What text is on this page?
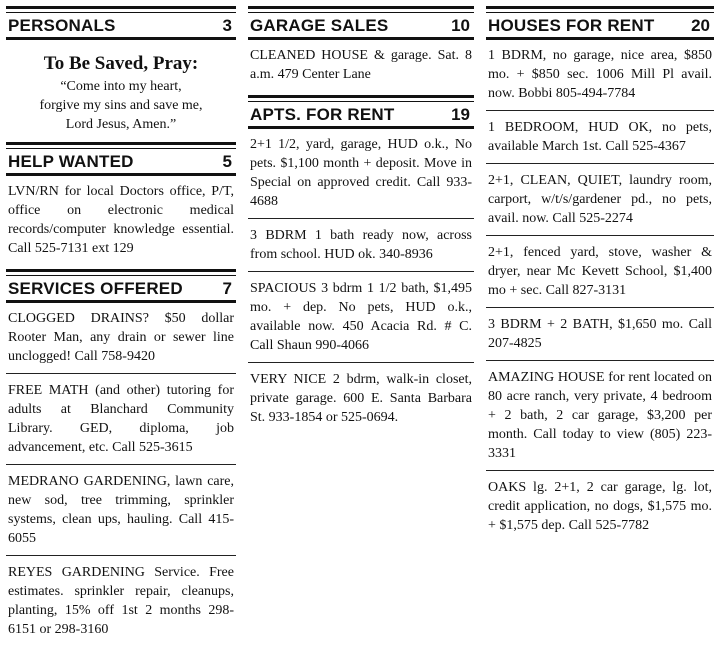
PERSONALS	3
To Be Saved, Pray:
“Come into my heart,
forgive my sins and save me,
Lord Jesus, Amen.”
HELP WANTED	5
LVN/RN for local Doctors office, P/T, office on electronic medical records/computer knowledge essential. Call 525-7131 ext 129
SERVICES OFFERED 7
CLOGGED DRAINS? $50 dollar Rooter Man, any drain or sewer line unclogged! Call 758-9420
FREE MATH (and other) tutoring for adults at Blanchard Community Library. GED, diploma, job advancement, etc. Call 525-3615
MEDRANO GARDENING, lawn care, new sod, tree trimming, sprinkler systems, clean ups, hauling. Call 415-6055
REYES GARDENING Service. Free estimates. sprinkler repair, cleanups, planting, 15% off 1st 2 months 298-6151 or 298-3160
GARAGE SALES	10
CLEANED HOUSE & garage. Sat. 8 a.m. 479 Center Lane
APTS. FOR RENT	19
2+1 1/2, yard, garage, HUD o.k., No pets. $1,100 month + deposit. Move in Special on approved credit. Call 933-4688
3 BDRM 1 bath ready now, across from school. HUD ok. 340-8936
SPACIOUS 3 bdrm 1 1/2 bath, $1,495 mo. + dep. No pets, HUD o.k., available now. 450 Acacia Rd. # C. Call Shaun 990-4066
VERY NICE 2 bdrm, walk-in closet, private garage. 600 E. Santa Barbara St. 933-1854 or 525-0694.
HOUSES FOR RENT 20
1 BDRM, no garage, nice area, $850 mo. + $850 sec. 1006 Mill Pl avail. now. Bobbi 805-494-7784
1 BEDROOM, HUD OK, no pets, available March 1st. Call 525-4367
2+1, CLEAN, QUIET, laundry room, carport, w/t/s/gardener pd., no pets, avail. now. Call 525-2274
2+1, fenced yard, stove, washer & dryer, near Mc Kevett School, $1,400 mo + sec. Call 827-3131
3 BDRM + 2 BATH, $1,650 mo. Call 207-4825
AMAZING HOUSE for rent located on 80 acre ranch, very private, 4 bedroom + 2 bath, 2 car garage, $3,200 per month. Call today to view (805) 223-3331
OAKS lg. 2+1, 2 car garage, lg. lot, credit application, no dogs, $1,575 mo. + $1,575 dep. Call 525-7782
